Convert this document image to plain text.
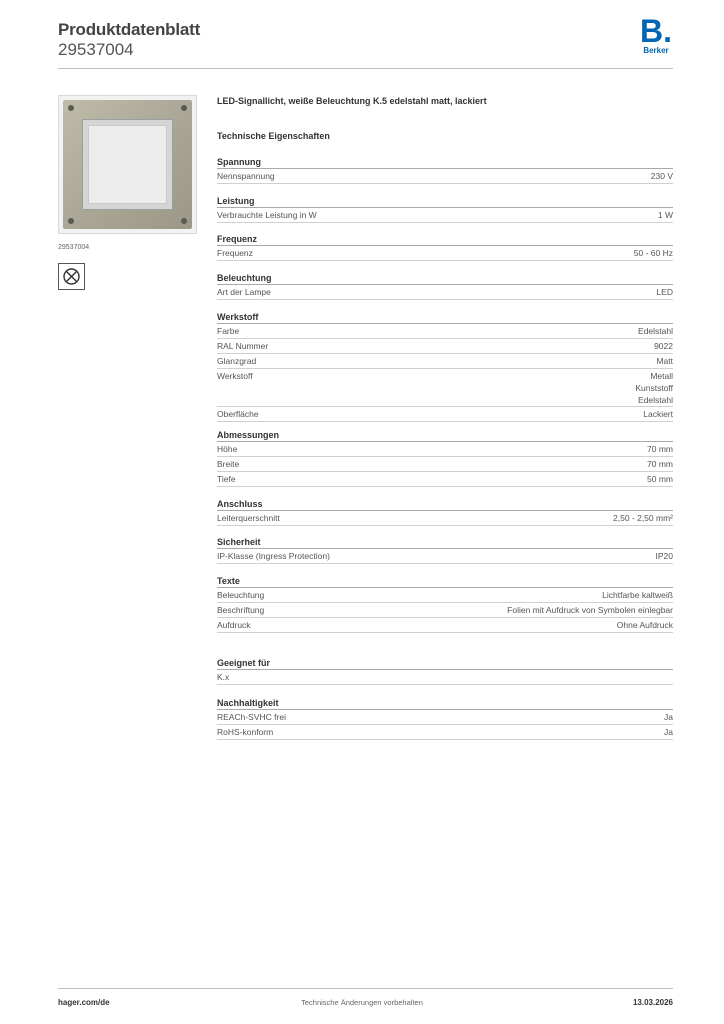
Produktdatenblatt
29537004
B.
Berker
29537004
LED-Signallicht, weiße Beleuchtung K.5 edelstahl matt, lackiert
Technische Eigenschaften
Spannung
Nennspannung	230 V
Leistung
Verbrauchte Leistung in W	1 W
Frequenz
Frequenz	50 - 60 Hz
Beleuchtung
Art der Lampe	LED
Werkstoff
Farbe	Edelstahl
RAL Nummer	9022
Glanzgrad	Matt
Werkstoff	Metall
Kunststoff
Edelstahl
Oberfläche	Lackiert
Abmessungen
Höhe	70 mm
Breite	70 mm
Tiefe	50 mm
Anschluss
Leiterquerschnitt	2,50 - 2,50 mm²
Sicherheit
IP-Klasse (Ingress Protection)	IP20
Texte
Beleuchtung	Lichtfarbe kaltweiß
Beschriftung	Folien mit Aufdruck von Symbolen einlegbar
Aufdruck	Ohne Aufdruck
Geeignet für
K.x
Nachhaltigkeit
REACh-SVHC frei	Ja
RoHS-konform	Ja
hager.com/de	Technische Änderungen vorbehalten	13.03.2026
